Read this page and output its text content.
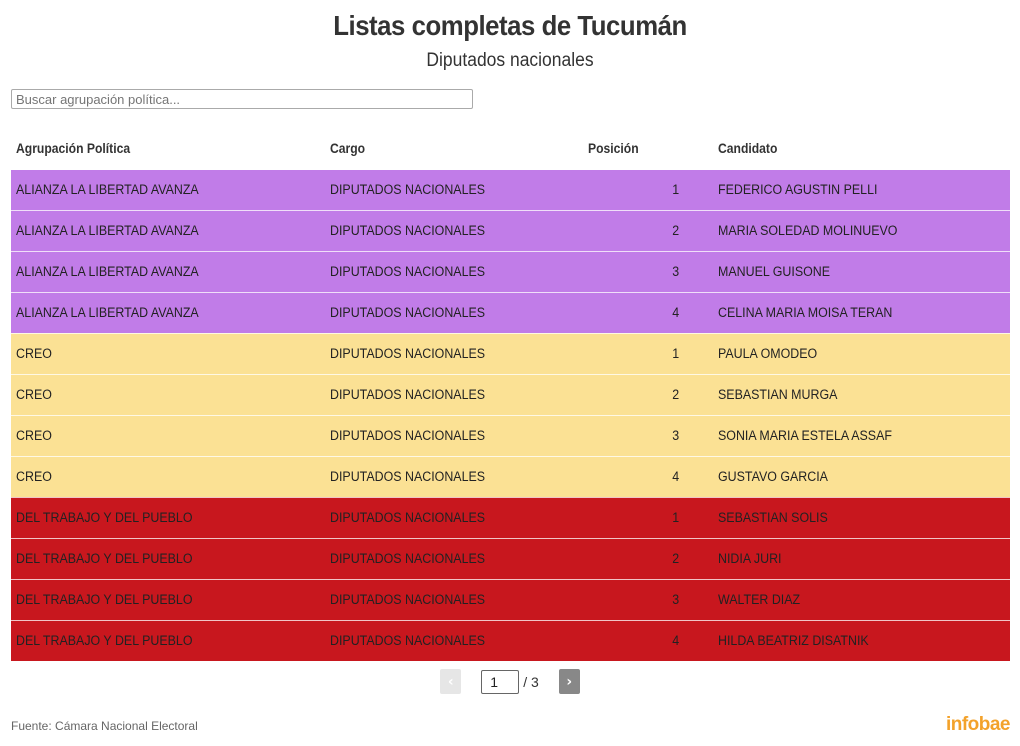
Listas completas de Tucumán
Diputados nacionales
Buscar agrupación política...
Agrupación Política	Cargo	Posición	Candidato
ALIANZA LA LIBERTAD AVANZA	DIPUTADOS NACIONALES	1	FEDERICO AGUSTIN PELLI
ALIANZA LA LIBERTAD AVANZA	DIPUTADOS NACIONALES	2	MARIA SOLEDAD MOLINUEVO
ALIANZA LA LIBERTAD AVANZA	DIPUTADOS NACIONALES	3	MANUEL GUISONE
ALIANZA LA LIBERTAD AVANZA	DIPUTADOS NACIONALES	4	CELINA MARIA MOISA TERAN
CREO	DIPUTADOS NACIONALES	1	PAULA OMODEO
CREO	DIPUTADOS NACIONALES	2	SEBASTIAN MURGA
CREO	DIPUTADOS NACIONALES	3	SONIA MARIA ESTELA ASSAF
CREO	DIPUTADOS NACIONALES	4	GUSTAVO GARCIA
DEL TRABAJO Y DEL PUEBLO	DIPUTADOS NACIONALES	1	SEBASTIAN SOLIS
DEL TRABAJO Y DEL PUEBLO	DIPUTADOS NACIONALES	2	NIDIA JURI
DEL TRABAJO Y DEL PUEBLO	DIPUTADOS NACIONALES	3	WALTER DIAZ
DEL TRABAJO Y DEL PUEBLO	DIPUTADOS NACIONALES	4	HILDA BEATRIZ DISATNIK
‹
1	/ 3	›
Fuente: Cámara Nacional Electoral	infobae
